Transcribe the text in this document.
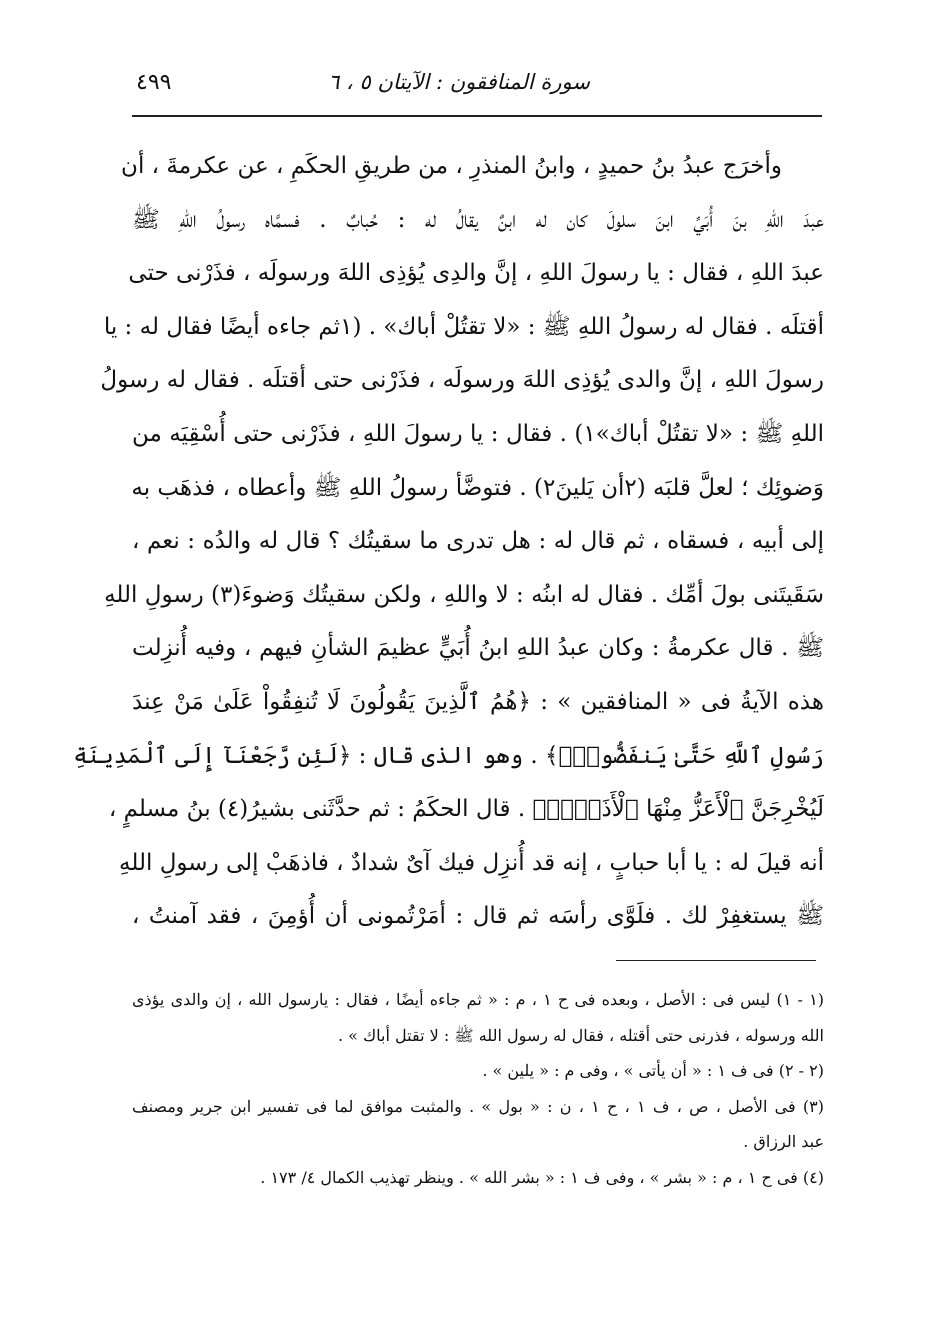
سورة المنافقون : الآيتان ٥ ، ٦
٤٩٩
وأخرَج عبدُ بنُ حميدٍ ، وابنُ المنذرِ ، من طريقِ الحكَمِ ، عن عكرمةَ ، أن
عبدَ اللهِ بنَ أُبَيِّ ابنَ سلولَ كان له ابنٌ يقالُ له : حُبابٌ . فسمَّاه رسولُ اللهِ ﷺ
عبدَ اللهِ ، فقال : يا رسولَ اللهِ ، إنَّ والدِى يُؤذِى اللهَ ورسولَه ، فذَرْنى حتى
أقتلَه . فقال له رسولُ اللهِ ﷺ : «لا تقتُلْ أباك» . (١ثم جاءه أيضًا فقال له : يا
رسولَ اللهِ ، إنَّ والدى يُؤذِى اللهَ ورسولَه ، فذَرْنى حتى أقتلَه . فقال له رسولُ
اللهِ ﷺ : «لا تقتُلْ أباك»١) . فقال : يا رسولَ اللهِ ، فذَرْنى حتى أُسْقِيَه من
وَضوئِك ؛ لعلَّ قلبَه (٢أن يَلينَ٢) . فتوضَّأ رسولُ اللهِ ﷺ وأعطاه ، فذهَب به
إلى أبيه ، فسقاه ، ثم قال له : هل تدرى ما سقيتُك ؟ قال له والدُه : نعم ،
سَقَيتَنى بولَ أمِّك . فقال له ابنُه : لا واللهِ ، ولكن سقيتُك وَضوءَ(٣) رسولِ اللهِ
ﷺ . قال عكرمةُ : وكان عبدُ اللهِ ابنُ أُبَيٍّ عظيمَ الشأنِ فيهم ، وفيه أُنزِلت
هذه الآيةُ فى « المنافقين » : ﴿هُمُ ٱلَّذِينَ يَقُولُونَ لَا تُنفِقُواْ عَلَىٰ مَنْ عِندَ
رَسُولِ ٱللَّهِ حَتَّىٰ يَنفَضُّواْۗ﴾ . وهو الذى قال : ﴿لَئِن رَّجَعْنَآ إِلَى ٱلْمَدِينَةِ
لَيُخْرِجَنَّ ٱلْأَعَزُّ مِنْهَا ٱلْأَذَلَّۚ﴾ . قال الحكَمُ : ثم حدَّثَنى بشيرُ(٤) بنُ مسلمٍ ،
أنه قيلَ له : يا أبا حبابٍ ، إنه قد أُنزِل فيك آىٌ شدادٌ ، فاذهَبْ إلى رسولِ اللهِ
ﷺ يستغفِرْ لك . فلَوَّى رأسَه ثم قال : أمَرْتُمونى أن أُؤمِنَ ، فقد آمنتُ ،
(١ - ١) ليس فى : الأصل ، وبعده فى ح ١ ، م : « ثم جاءه أيضًا ، فقال : يارسول الله ، إن والدى يؤذى
الله ورسوله ، فذرنى حتى أقتله ، فقال له رسول الله ﷺ : لا تقتل أباك » .
(٢ - ٢) فى ف ١ : « أن يأتى » ، وفى م : « يلين » .
(٣) فى الأصل ، ص ، ف ١ ، ح ١ ، ن : « بول » . والمثبت موافق لما فى تفسير ابن جرير ومصنف
عبد الرزاق .
(٤) فى ح ١ ، م : « بشر » ، وفى ف ١ : « بشر الله » . وينظر تهذيب الكمال ٤/ ١٧٣ .
